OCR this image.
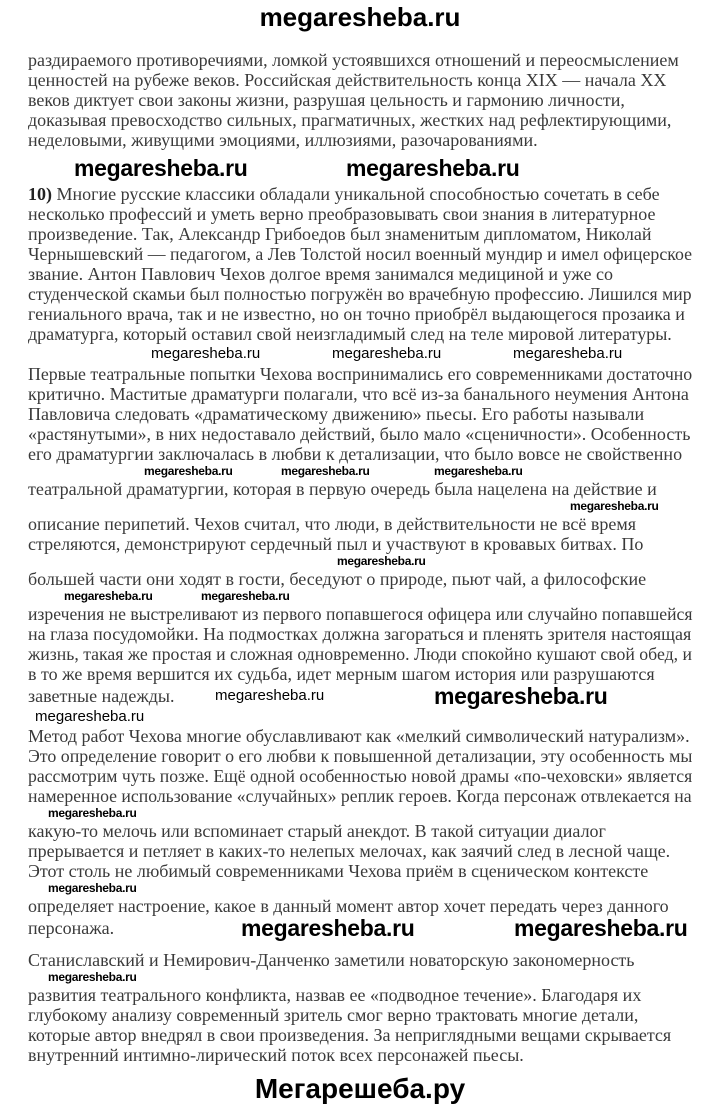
megaresheba.ru
раздираемого противоречиями, ломкой устоявшихся отношений и переосмыслением
ценностей на рубеже веков. Российская действительность конца XIX — начала XX
веков диктует свои законы жизни, разрушая цельность и гармонию личности,
доказывая превосходство сильных, прагматичных, жестких над рефлектирующими,
неделовыми, живущими эмоциями, иллюзиями, разочарованиями.
10) Многие русские классики обладали уникальной способностью сочетать в себе
несколько профессий и уметь верно преобразовывать свои знания в литературное
произведение. Так, Александр Грибоедов был знаменитым дипломатом, Николай
Чернышевский — педагогом, а Лев Толстой носил военный мундир и имел офицерское
звание. Антон Павлович Чехов долгое время занимался медициной и уже со
студенческой скамьи был полностью погружён во врачебную профессию. Лишился мир
гениального врача, так и не известно, но он точно приобрёл выдающегося прозаика и
драматурга, который оставил свой неизгладимый след на теле мировой литературы.
Первые театральные попытки Чехова воспринимались его современниками достаточно
критично. Маститые драматурги полагали, что всё из-за банального неумения Антона
Павловича следовать «драматическому движению» пьесы. Его работы называли
«растянутыми», в них недоставало действий, было мало «сценичности». Особенность
его драматургии заключалась в любви к детализации, что было вовсе не свойственно
театральной драматургии, которая в первую очередь была нацелена на действие и
описание перипетий. Чехов считал, что люди, в действительности не всё время
стреляются, демонстрируют сердечный пыл и участвуют в кровавых битвах. По
большей части они ходят в гости, беседуют о природе, пьют чай, а философские
изречения не выстреливают из первого попавшегося офицера или случайно попавшейся
на глаза посудомойки. На подмостках должна загораться и пленять зрителя настоящая
жизнь, такая же простая и сложная одновременно. Люди спокойно кушают свой обед, и
в то же время вершится их судьба, идет мерным шагом история или разрушаются
заветные надежды.
Метод работ Чехова многие обуславливают как «мелкий символический натурализм».
Это определение говорит о его любви к повышенной детализации, эту особенность мы
рассмотрим чуть позже. Ещё одной особенностью новой драмы «по-чеховски» является
намеренное использование «случайных» реплик героев. Когда персонаж отвлекается на
какую-то мелочь или вспоминает старый анекдот. В такой ситуации диалог
прерывается и петляет в каких-то нелепых мелочах, как заячий след в лесной чаще.
Этот столь не любимый современниками Чехова приём в сценическом контексте
определяет настроение, какое в данный момент автор хочет передать через данного
персонажа.
Станиславский и Немирович-Данченко заметили новаторскую закономерность
развития театрального конфликта, назвав ее «подводное течение». Благодаря их
глубокому анализу современный зритель смог верно трактовать многие детали,
которые автор внедрял в свои произведения. За неприглядными вещами скрывается
внутренний интимно-лирический поток всех персонажей пьесы.
megaresheba.ru	megaresheba.ru
megaresheba.ru	megaresheba.ru	megaresheba.ru
megaresheba.ru	megaresheba.ru	megaresheba.ru
megaresheba.ru
megaresheba.ru
megaresheba.ru	megaresheba.ru
megaresheba.ru	megaresheba.ru
megaresheba.ru
megaresheba.ru
megaresheba.ru
megaresheba.ru	megaresheba.ru
megaresheba.ru
Мегарешеба.ру
